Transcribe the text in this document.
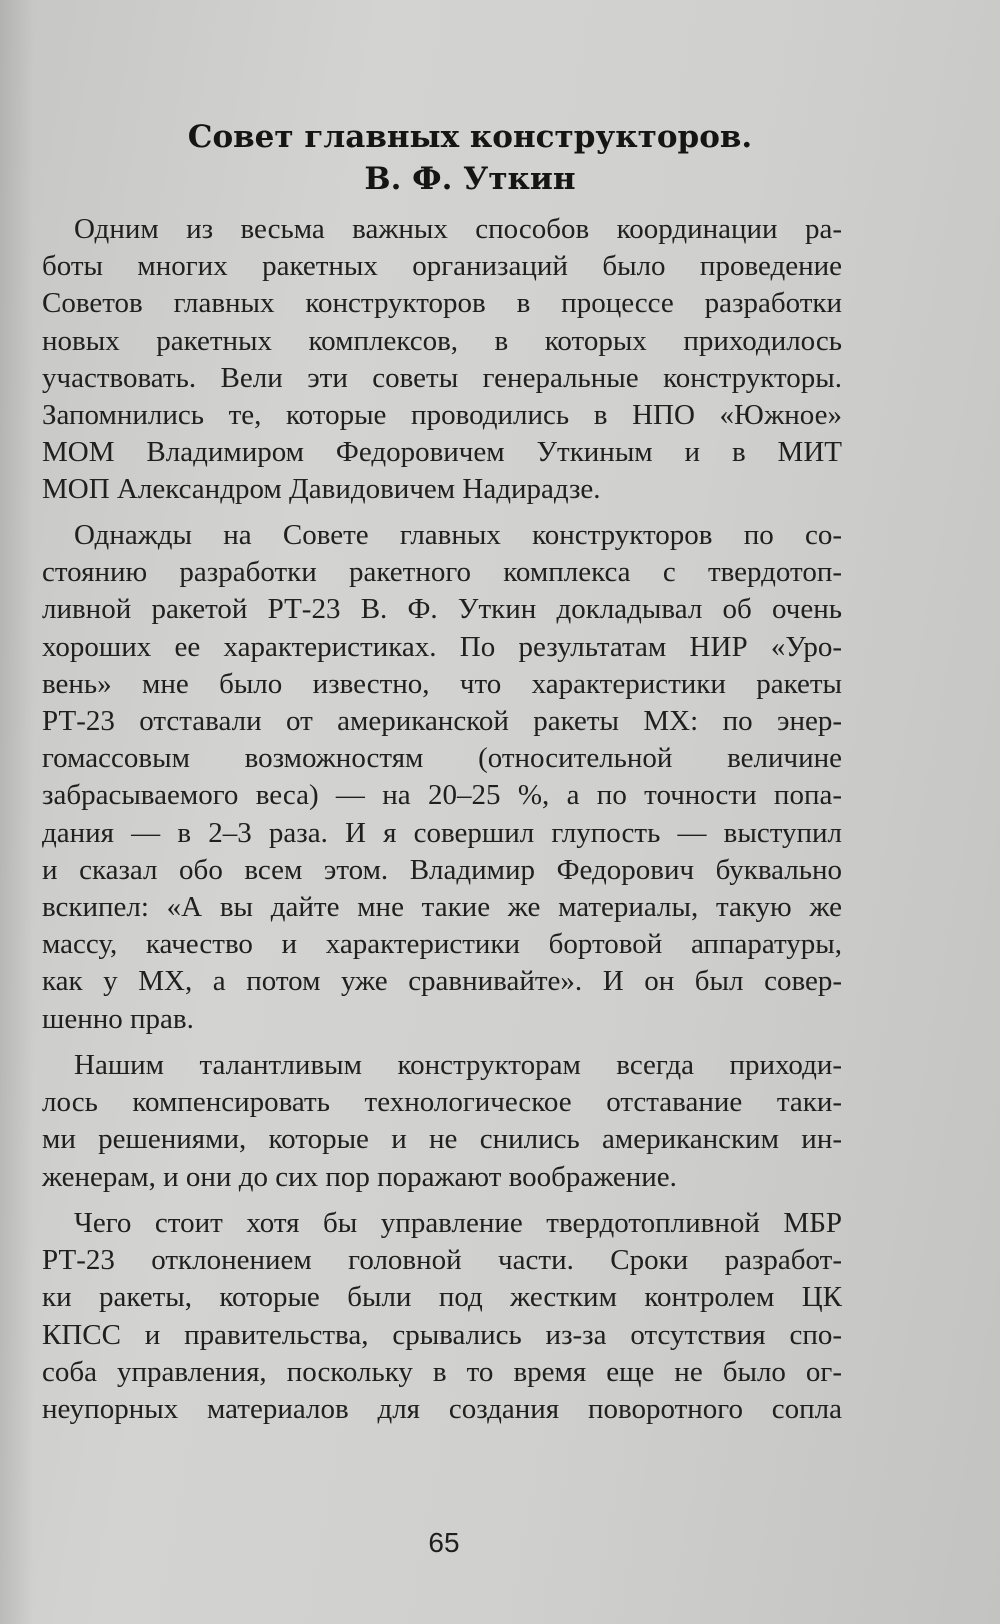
Совет главных конструкторов.
В. Ф. Уткин
Одним из весьма важных способов координации ра-
боты многих ракетных организаций было проведение
Советов главных конструкторов в процессе разработки
новых ракетных комплексов, в которых приходилось
участвовать. Вели эти советы генеральные конструкторы.
Запомнились те, которые проводились в НПО «Южное»
МОМ Владимиром Федоровичем Уткиным и в МИТ
МОП Александром Давидовичем Надирадзе.
Однажды на Совете главных конструкторов по со-
стоянию разработки ракетного комплекса с твердотоп-
ливной ракетой РТ-23 В. Ф. Уткин докладывал об очень
хороших ее характеристиках. По результатам НИР «Уро-
вень» мне было известно, что характеристики ракеты
РТ-23 отставали от американской ракеты МХ: по энер-
гомассовым возможностям (относительной величине
забрасываемого веса) — на 20–25 %, а по точности попа-
дания — в 2–3 раза. И я совершил глупость — выступил
и сказал обо всем этом. Владимир Федорович буквально
вскипел: «А вы дайте мне такие же материалы, такую же
массу, качество и характеристики бортовой аппаратуры,
как у МХ, а потом уже сравнивайте». И он был совер-
шенно прав.
Нашим талантливым конструкторам всегда приходи-
лось компенсировать технологическое отставание таки-
ми решениями, которые и не снились американским ин-
женерам, и они до сих пор поражают воображение.
Чего стоит хотя бы управление твердотопливной МБР
РТ-23 отклонением головной части. Сроки разработ-
ки ракеты, которые были под жестким контролем ЦК
КПСС и правительства, срывались из-за отсутствия спо-
соба управления, поскольку в то время еще не было ог-
неупорных материалов для создания поворотного сопла
65
